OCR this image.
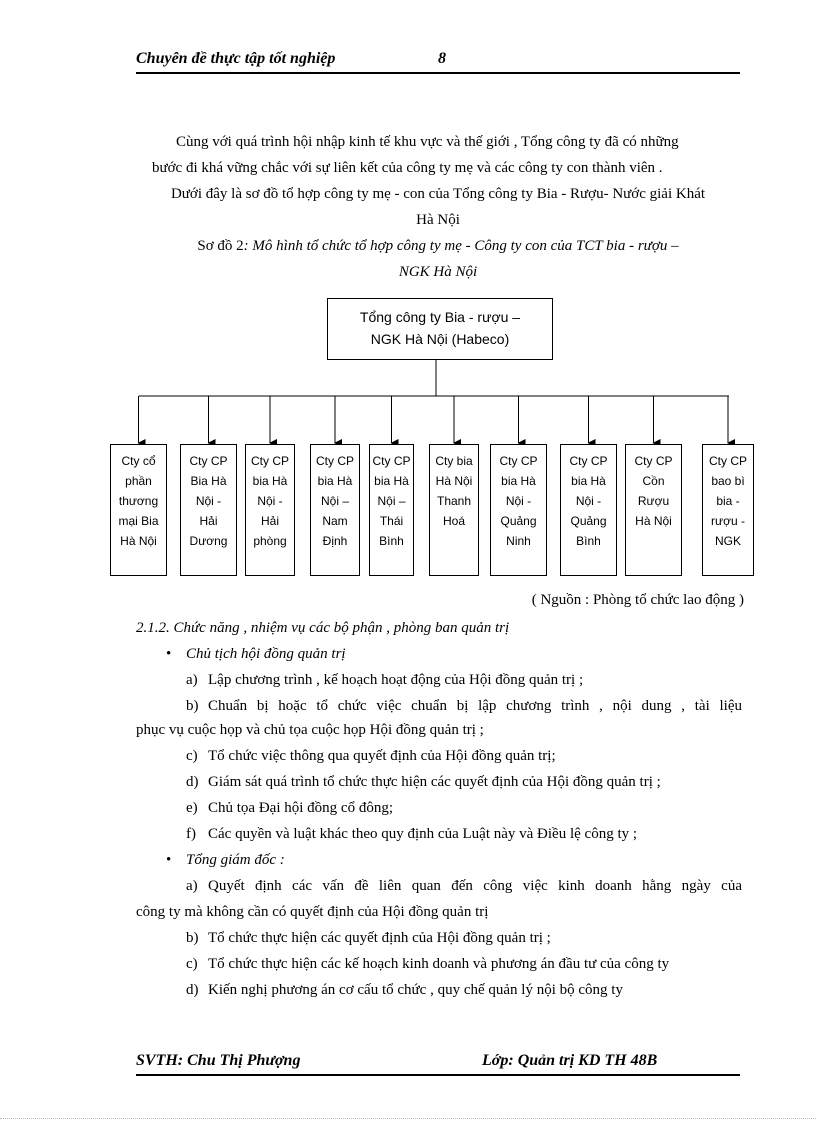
Chuyên đề thực tập tốt nghiệp	8
Cùng với quá trình hội nhập kinh tế khu vực và thế giới , Tổng công ty đã có những
bước đi khá vững chắc với sự liên kết của công ty mẹ và các công ty con thành viên .
Dưới đây là sơ đồ tổ hợp công ty mẹ - con của Tổng công ty Bia - Rượu- Nước giải Khát
Hà Nội
Sơ đồ 2: Mô hình tổ chức tổ hợp công ty mẹ - Công ty con của TCT bia - rượu –
NGK Hà Nội
Tổng công ty Bia - rượu –
NGK Hà Nội (Habeco)
Cty cổ
phần
thương
mại Bia
Hà Nội
Cty CP
Bia Hà
Nội -
Hải
Dương
Cty CP
bia Hà
Nội -
Hải
phòng
Cty CP
bia Hà
Nội –
Nam
Định
Cty CP
bia Hà
Nội –
Thái
Bình
Cty bia
Hà Nội
Thanh
Hoá
Cty CP
bia Hà
Nội -
Quảng
Ninh
Cty CP
bia Hà
Nội -
Quảng
Bình
Cty CP
Cồn
Rượu
Hà Nội
Cty CP
bao bì
bia -
rượu -
NGK
( Nguồn : Phòng tổ chức lao động )
2.1.2. Chức năng , nhiệm vụ các bộ phận , phòng ban quản trị
• Chủ tịch hội đồng quản trị
a) Lập chương trình , kế hoạch hoạt động của Hội đồng quản trị ;
b) Chuẩn bị hoặc tổ chức việc chuẩn bị lập chương trình , nội dung , tài liệu
phục vụ cuộc họp và chủ tọa cuộc họp Hội đồng quản trị ;
c) Tổ chức việc thông qua quyết định của Hội đồng quản trị;
d) Giám sát quá trình tổ chức thực hiện các quyết định của Hội đồng quản trị ;
e) Chủ tọa Đại hội đồng cổ đông;
f) Các quyền và luật khác theo quy định của Luật này và Điều lệ công ty ;
• Tổng giám đốc :
a) Quyết định các vấn đề liên quan đến công việc kinh doanh hằng ngày của
công ty mà không cần có quyết định của Hội đồng quản trị
b) Tổ chức thực hiện các quyết định của Hội đồng quản trị ;
c) Tổ chức thực hiện các kế hoạch kinh doanh và phương án đầu tư của công ty
d) Kiến nghị phương án cơ cấu tổ chức , quy chế quản lý nội bộ công ty
SVTH: Chu Thị Phượng	Lớp: Quản trị KD TH 48B
